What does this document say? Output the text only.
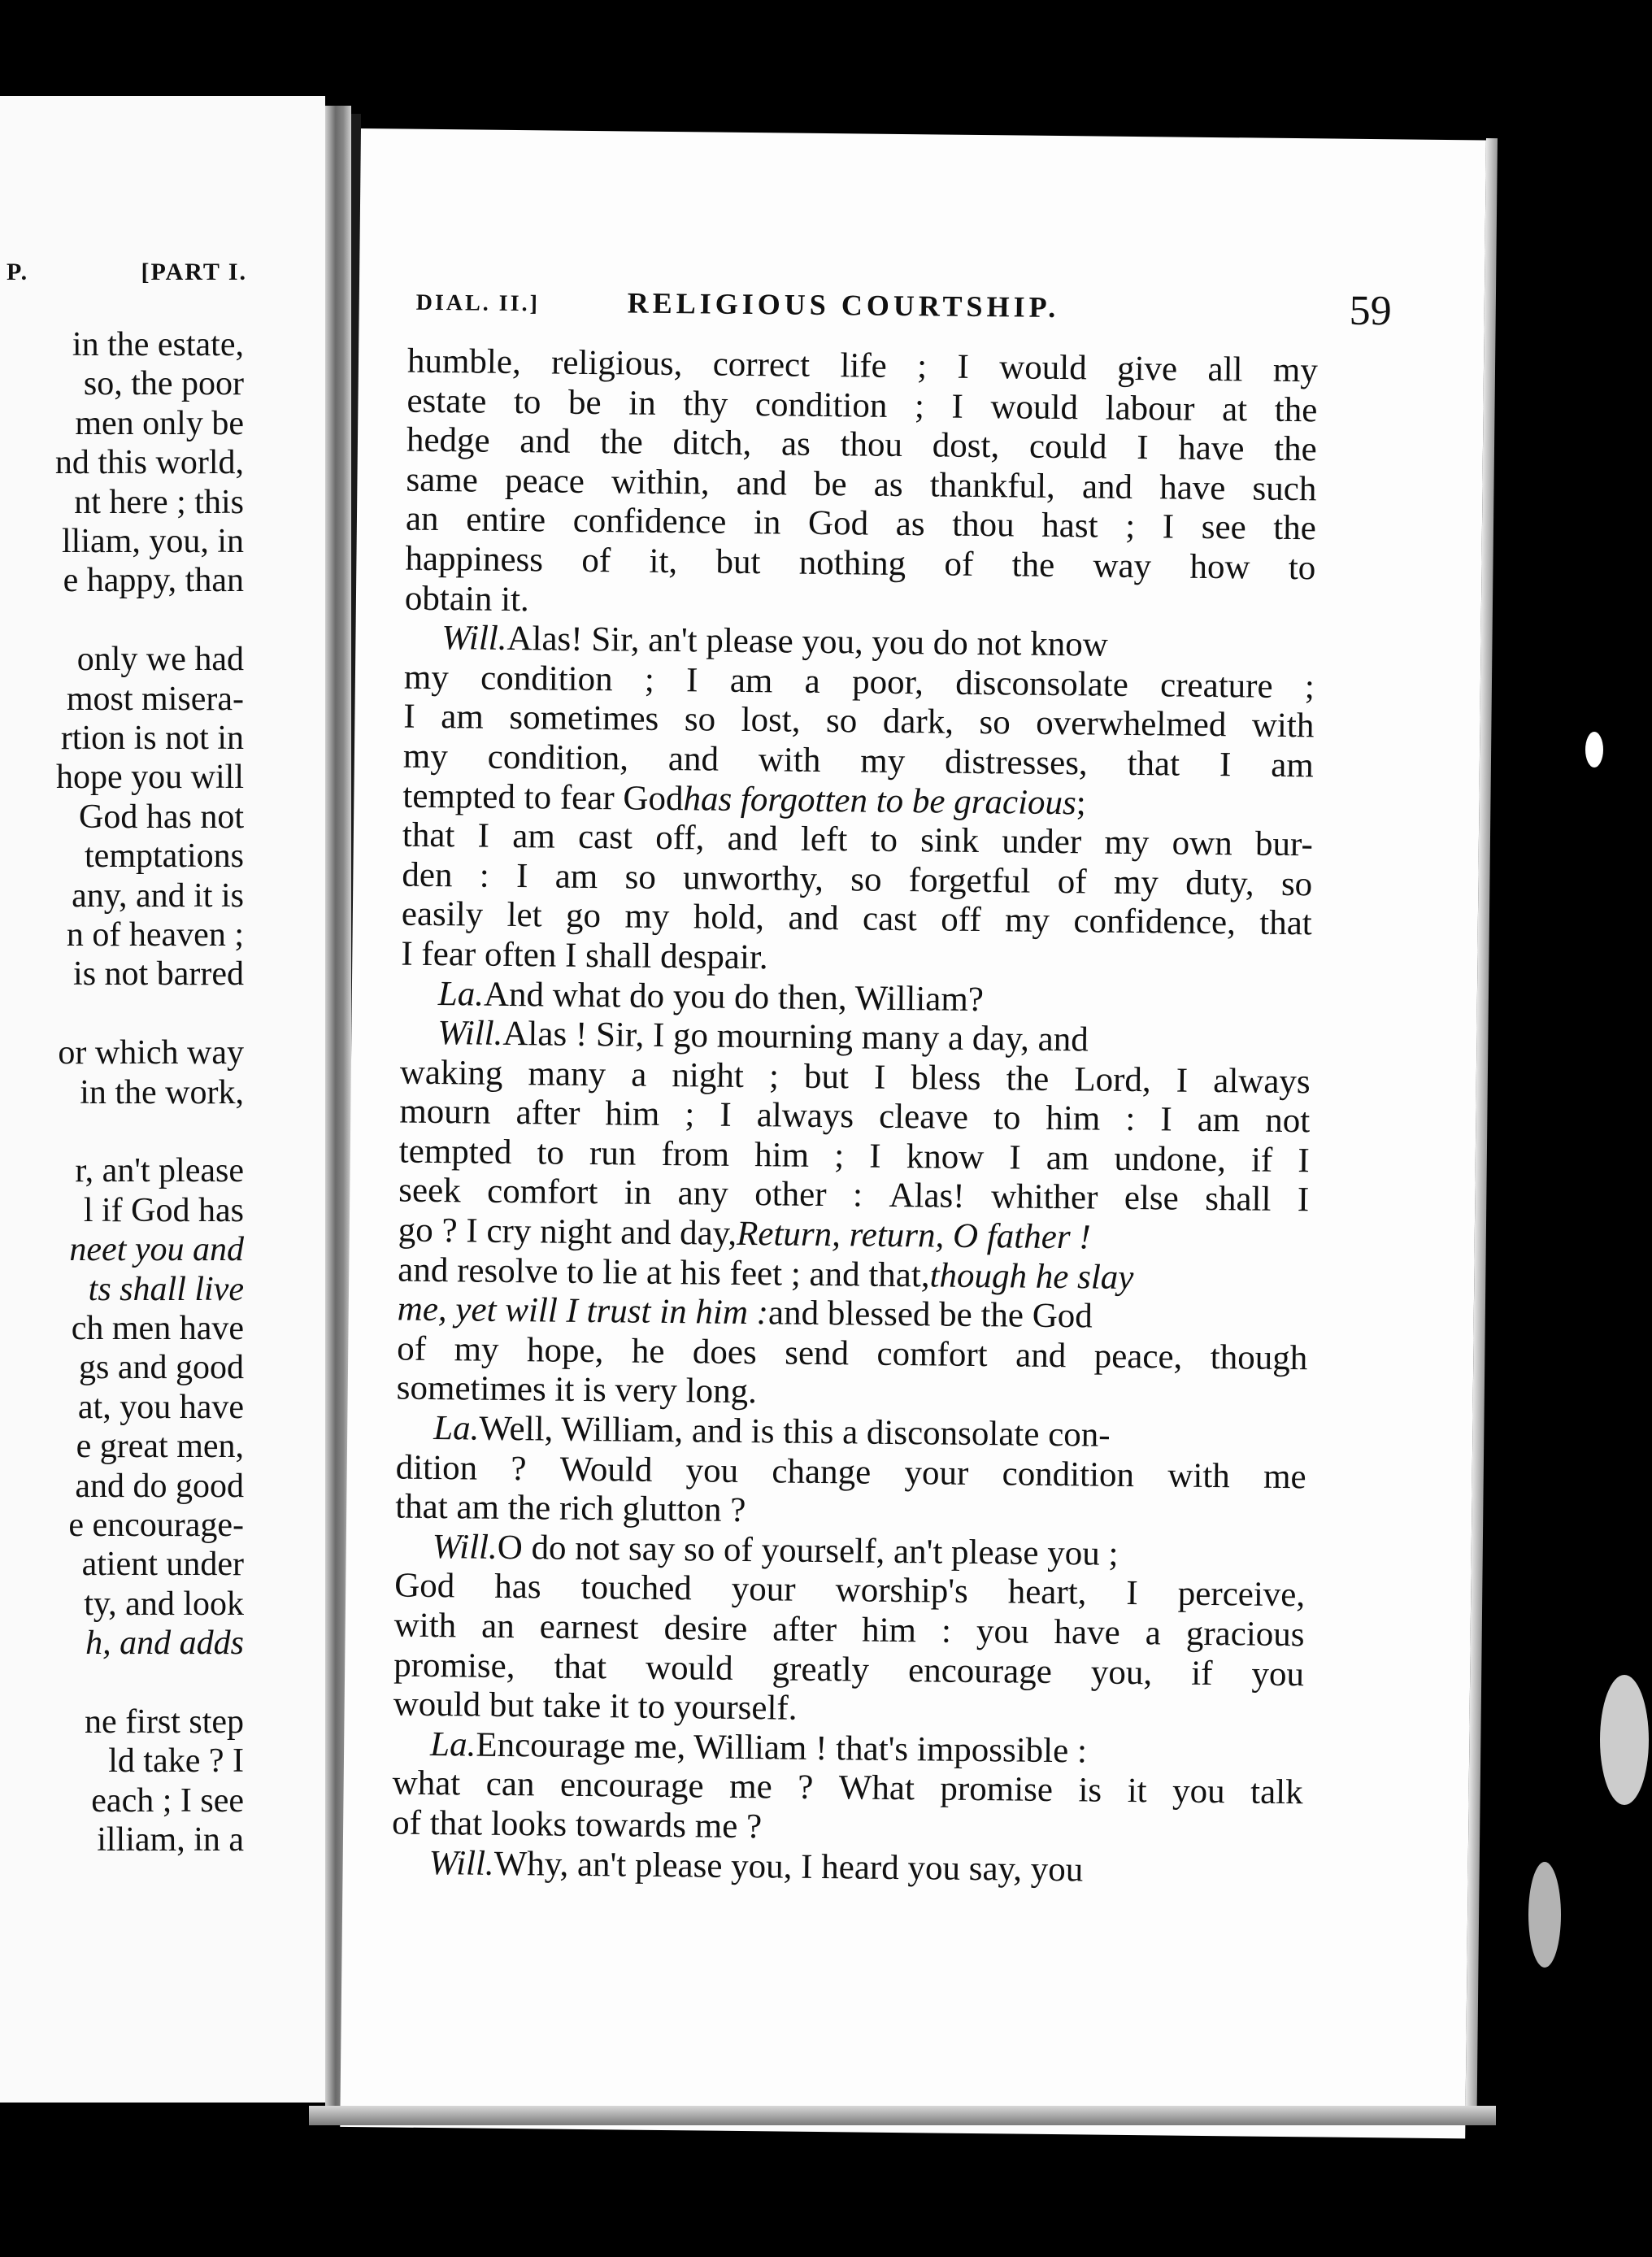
P.	[PART I.
in the estate,
so, the poor
men only be
nd this world,
nt here ; this
lliam, you, in
e happy, than
only we had
most misera-
rtion is not in
hope you will
God has not
temptations
any, and it is
n of heaven ;
is not barred
or which way
in the work,
r, an't please
l if God has
neet you and
ts shall live
ch men have
gs and good
at, you have
e great men,
and do good
e encourage-
atient under
ty, and look
h, and adds
ne first step
ld take ? I
each ; I see
illiam, in a
DIAL. II.]	RELIGIOUS COURTSHIP.	59
humble, religious, correct life ; I would give all my
estate to be in thy condition ; I would labour at the
hedge and the ditch, as thou dost, could I have the
same peace within, and be as thankful, and have such
an entire confidence in God as thou hast ; I see the
happiness of it, but nothing of the way how to
obtain it.
Will. Alas! Sir, an't please you, you do not know
my condition ; I am a poor, disconsolate creature ;
I am sometimes so lost, so dark, so overwhelmed with
my condition, and with my distresses, that I am
tempted to fear God has forgotten to be gracious ;
that I am cast off, and left to sink under my own bur-
den : I am so unworthy, so forgetful of my duty, so
easily let go my hold, and cast off my confidence, that
I fear often I shall despair.
La. And what do you do then, William?
Will. Alas ! Sir, I go mourning many a day, and
waking many a night ; but I bless the Lord, I always
mourn after him ; I always cleave to him : I am not
tempted to run from him ; I know I am undone, if I
seek comfort in any other : Alas! whither else shall I
go ? I cry night and day, Return, return, O father !
and resolve to lie at his feet ; and that, though he slay
me, yet will I trust in him : and blessed be the God
of my hope, he does send comfort and peace, though
sometimes it is very long.
La. Well, William, and is this a disconsolate con-
dition ? Would you change your condition with me
that am the rich glutton ?
Will. O do not say so of yourself, an't please you ;
God has touched your worship's heart, I perceive,
with an earnest desire after him : you have a gracious
promise, that would greatly encourage you, if you
would but take it to yourself.
La. Encourage me, William ! that's impossible :
what can encourage me ? What promise is it you talk
of that looks towards me ?
Will. Why, an't please you, I heard you say, you
